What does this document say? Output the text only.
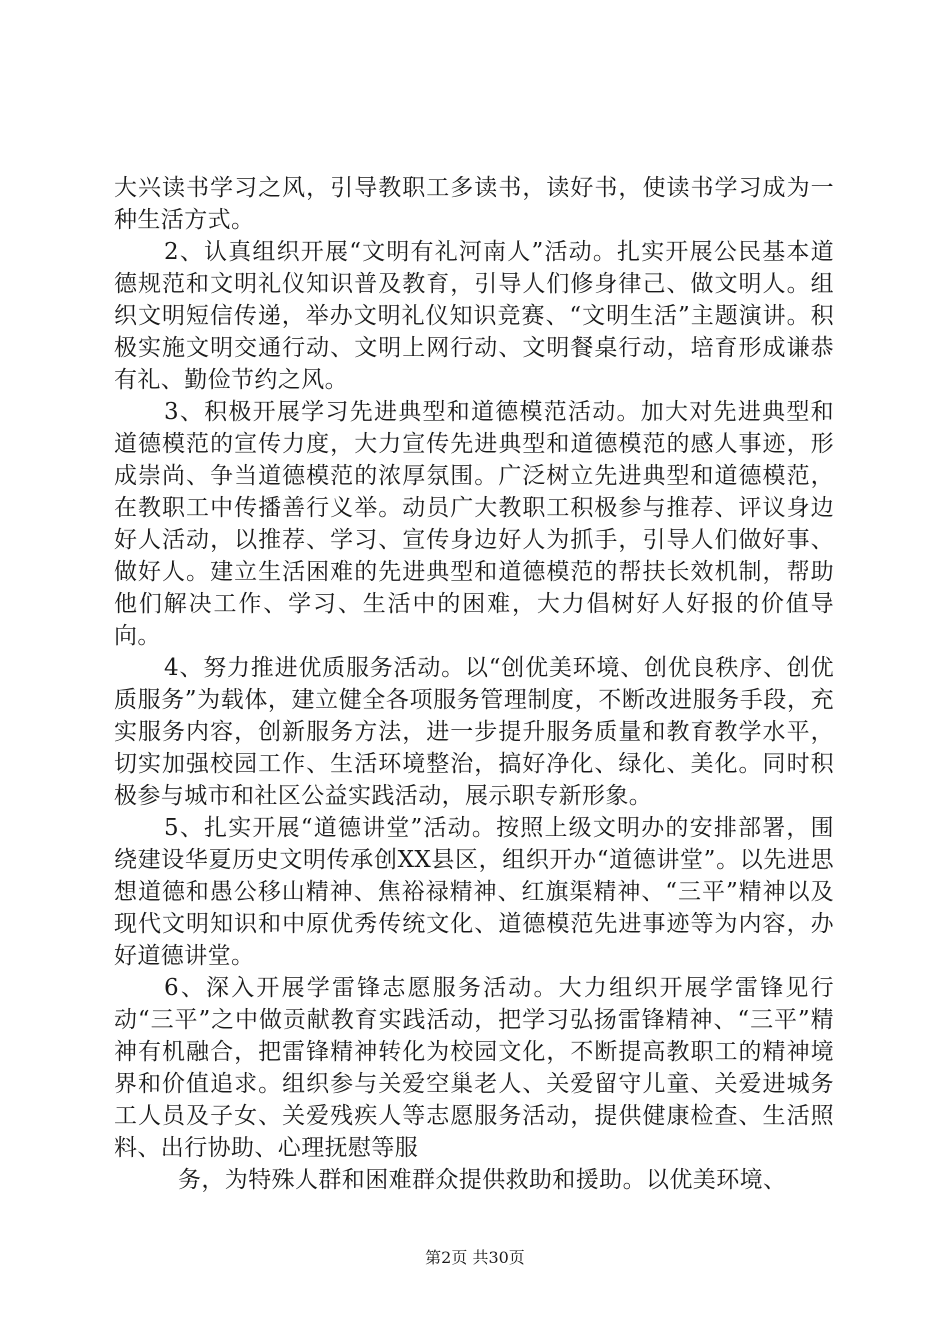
大兴读书学习之风，引导教职工多读书，读好书，使读书学习成为一种生活方式。

2、认真组织开展“文明有礼河南人”活动。扎实开展公民基本道德规范和文明礼仪知识普及教育，引导人们修身律己、做文明人。组织文明短信传递，举办文明礼仪知识竞赛、“文明生活”主题演讲。积极实施文明交通行动、文明上网行动、文明餐桌行动，培育形成谦恭有礼、勤俭节约之风。

3、积极开展学习先进典型和道德模范活动。加大对先进典型和道德模范的宣传力度，大力宣传先进典型和道德模范的感人事迹，形成崇尚、争当道德模范的浓厚氛围。广泛树立先进典型和道德模范，在教职工中传播善行义举。动员广大教职工积极参与推荐、评议身边好人活动，以推荐、学习、宣传身边好人为抓手，引导人们做好事、做好人。建立生活困难的先进典型和道德模范的帮扶长效机制，帮助他们解决工作、学习、生活中的困难，大力倡树好人好报的价值导向。

4、努力推进优质服务活动。以“创优美环境、创优良秩序、创优质服务”为载体，建立健全各项服务管理制度，不断改进服务手段，充实服务内容，创新服务方法，进一步提升服务质量和教育教学水平，切实加强校园工作、生活环境整治，搞好净化、绿化、美化。同时积极参与城市和社区公益实践活动，展示职专新形象。

5、扎实开展“道德讲堂”活动。按照上级文明办的安排部署，围绕建设华夏历史文明传承创XX县区，组织开办“道德讲堂”。以先进思想道德和愚公移山精神、焦裕禄精神、红旗渠精神、“三平”精神以及现代文明知识和中原优秀传统文化、道德模范先进事迹等为内容，办好道德讲堂。

6、深入开展学雷锋志愿服务活动。大力组织开展学雷锋见行动“三平”之中做贡献教育实践活动，把学习弘扬雷锋精神、“三平”精神有机融合，把雷锋精神转化为校园文化，不断提高教职工的精神境界和价值追求。组织参与关爱空巢老人、关爱留守儿童、关爱进城务工人员及子女、关爱残疾人等志愿服务活动，提供健康检查、生活照料、出行协助、心理抚慰等服

务，为特殊人群和困难群众提供救助和援助。以优美环境、

第2页 共30页
